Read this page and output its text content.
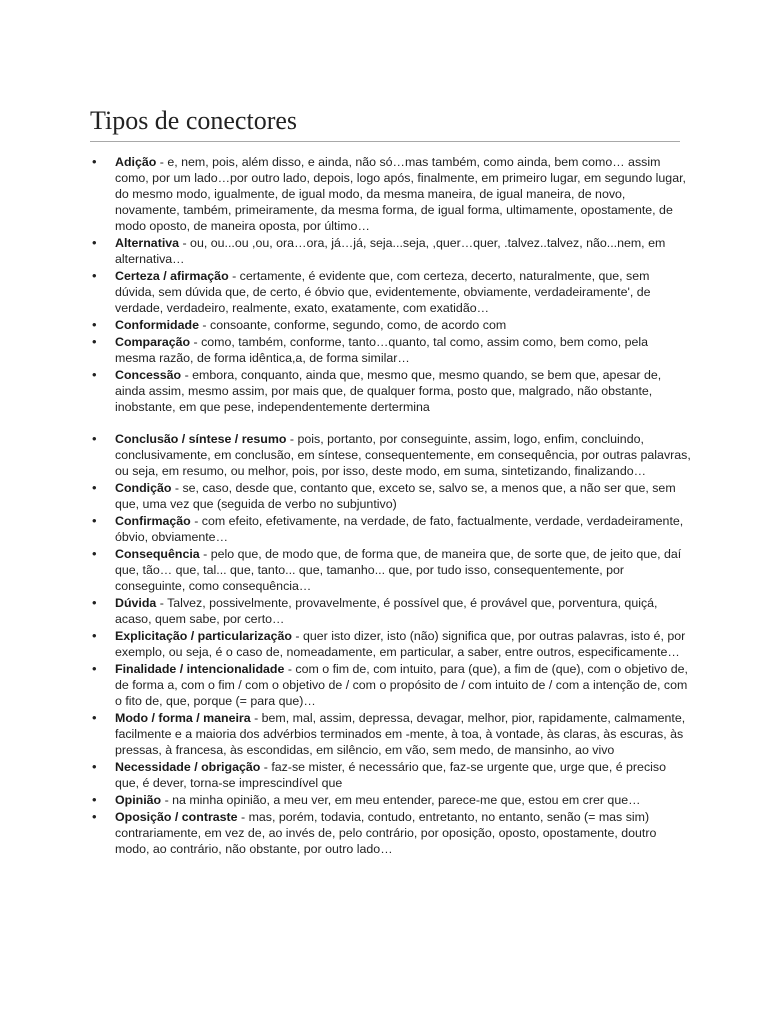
Tipos de conectores
• Adição - e, nem, pois, além disso, e ainda, não só…mas também, como ainda, bem como… assim como, por um lado…por outro lado, depois, logo após, finalmente, em primeiro lugar, em segundo lugar, do mesmo modo, igualmente, de igual modo, da mesma maneira, de igual maneira, de novo, novamente, também, primeiramente, da mesma forma, de igual forma, ultimamente, opostamente, de modo oposto, de maneira oposta, por último…
• Alternativa - ou, ou...ou ,ou, ora…ora, já…já, seja...seja, ,quer…quer, .talvez..talvez, não...nem, em alternativa…
• Certeza / afirmação - certamente, é evidente que, com certeza, decerto, naturalmente, que, sem dúvida, sem dúvida que, de certo, é óbvio que, evidentemente, obviamente, verdadeiramente', de verdade, verdadeiro, realmente, exato, exatamente, com exatidão…
• Conformidade - consoante, conforme, segundo, como, de acordo com
• Comparação - como, também, conforme, tanto…quanto, tal como, assim como, bem como, pela mesma razão, de forma idêntica,a, de forma similar…
• Concessão - embora, conquanto, ainda que, mesmo que, mesmo quando, se bem que, apesar de, ainda assim, mesmo assim, por mais que, de qualquer forma, posto que, malgrado, não obstante, inobstante, em que pese, independentemente dertermina
• Conclusão / síntese / resumo - pois, portanto, por conseguinte, assim, logo, enfim, concluindo, conclusivamente, em conclusão, em síntese, consequentemente, em consequência, por outras palavras, ou seja, em resumo, ou melhor, pois, por isso, deste modo, em suma, sintetizando, finalizando…
• Condição - se, caso, desde que, contanto que, exceto se, salvo se, a menos que, a não ser que, sem que, uma vez que (seguida de verbo no subjuntivo)
• Confirmação - com efeito, efetivamente, na verdade, de fato, factualmente, verdade, verdadeiramente, óbvio, obviamente…
• Consequência - pelo que, de modo que, de forma que, de maneira que, de sorte que, de jeito que, daí que, tão… que, tal... que, tanto... que, tamanho... que, por tudo isso, consequentemente, por conseguinte, como consequência…
• Dúvida - Talvez, possivelmente, provavelmente, é possível que, é provável que, porventura, quiçá, acaso, quem sabe, por certo…
• Explicitação / particularização - quer isto dizer, isto (não) significa que, por outras palavras, isto é, por exemplo, ou seja, é o caso de, nomeadamente, em particular, a saber, entre outros, especificamente…
• Finalidade / intencionalidade - com o fim de, com intuito, para (que), a fim de (que), com o objetivo de, de forma a, com o fim / com o objetivo de / com o propósito de / com intuito de / com a intenção de, com o fito de, que, porque (= para que)…
• Modo / forma / maneira - bem, mal, assim, depressa, devagar, melhor, pior, rapidamente, calmamente, facilmente e a maioria dos advérbios terminados em -mente, à toa, à vontade, às claras, às escuras, às pressas, à francesa, às escondidas, em silêncio, em vão, sem medo, de mansinho, ao vivo
• Necessidade / obrigação - faz-se mister, é necessário que, faz-se urgente que, urge que, é preciso que, é dever, torna-se imprescindível que
• Opinião - na minha opinião, a meu ver, em meu entender, parece-me que, estou em crer que…
• Oposição / contraste - mas, porém, todavia, contudo, entretanto, no entanto, senão (= mas sim) contrariamente, em vez de, ao invés de, pelo contrário, por oposição, oposto, opostamente, doutro modo, ao contrário, não obstante, por outro lado…
